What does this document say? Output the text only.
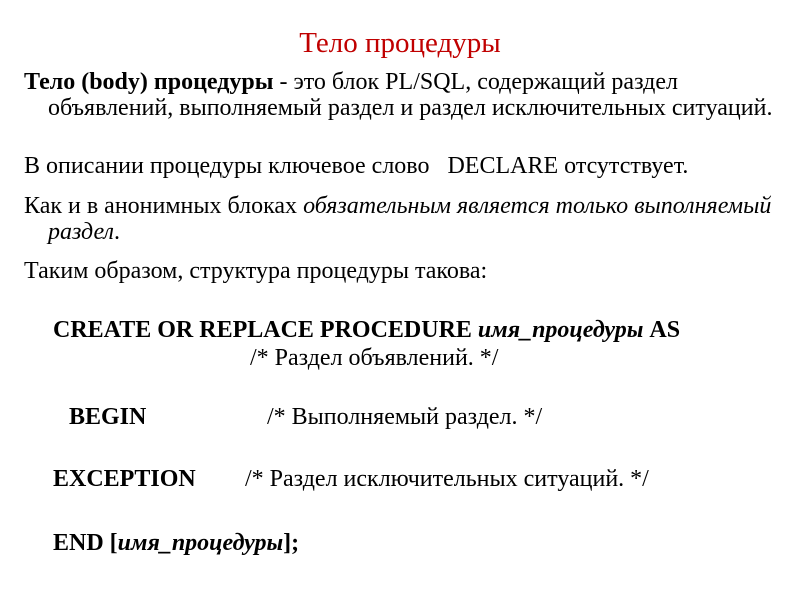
Тело процедуры
Тело (body) процедуры - это блок PL/SQL, содержащий раздел объявлений, выполняемый раздел и раздел исключительных ситуаций.
В описании процедуры ключевое слово   DECLARE отсутствует.
Как и в анонимных блоках обязательным является только выполняемый раздел.
Таким образом, структура процедуры такова:
CREATE OR REPLACE PROCEDURE имя_процедуры AS
/* Раздел объявлений. */
BEGIN	/* Выполняемый раздел. */
EXCEPTION /* Раздел исключительных ситуаций. */
END [имя_процедуры];
